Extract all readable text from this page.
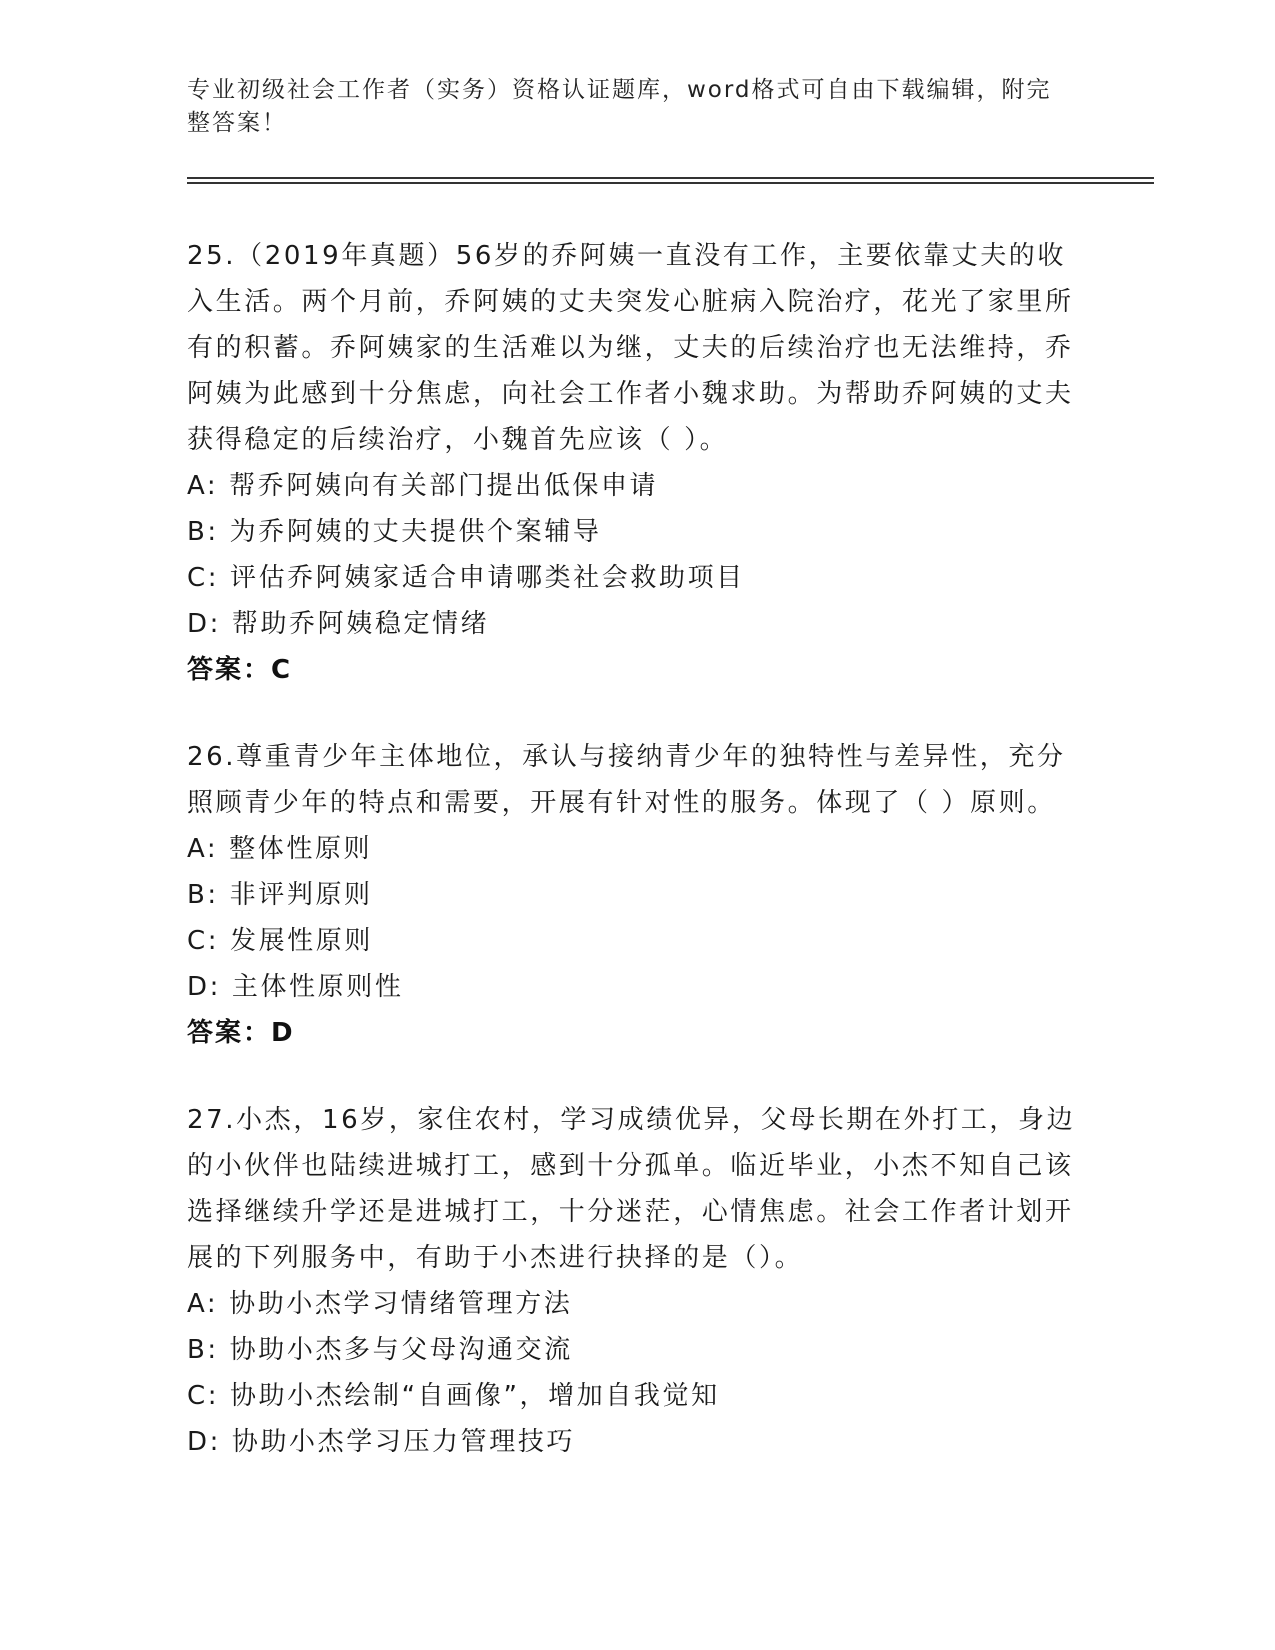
专业初级社会工作者（实务）资格认证题库，word格式可自由下载编辑，附完整答案！

25.（2019年真题）56岁的乔阿姨一直没有工作，主要依靠丈夫的收入生活。两个月前，乔阿姨的丈夫突发心脏病入院治疗，花光了家里所有的积蓄。乔阿姨家的生活难以为继，丈夫的后续治疗也无法维持，乔阿姨为此感到十分焦虑，向社会工作者小魏求助。为帮助乔阿姨的丈夫获得稳定的后续治疗，小魏首先应该（ ）。

A: 帮乔阿姨向有关部门提出低保申请

B: 为乔阿姨的丈夫提供个案辅导

C: 评估乔阿姨家适合申请哪类社会救助项目

D: 帮助乔阿姨稳定情绪

答案：C

26.尊重青少年主体地位，承认与接纳青少年的独特性与差异性，充分照顾青少年的特点和需要，开展有针对性的服务。体现了（ ）原则。

A: 整体性原则

B: 非评判原则

C: 发展性原则

D: 主体性原则性

答案：D

27.小杰，16岁，家住农村，学习成绩优异，父母长期在外打工，身边的小伙伴也陆续进城打工，感到十分孤单。临近毕业，小杰不知自己该选择继续升学还是进城打工，十分迷茫，心情焦虑。社会工作者计划开展的下列服务中，有助于小杰进行抉择的是（）。

A: 协助小杰学习情绪管理方法

B: 协助小杰多与父母沟通交流

C: 协助小杰绘制“自画像”，增加自我觉知

D: 协助小杰学习压力管理技巧
